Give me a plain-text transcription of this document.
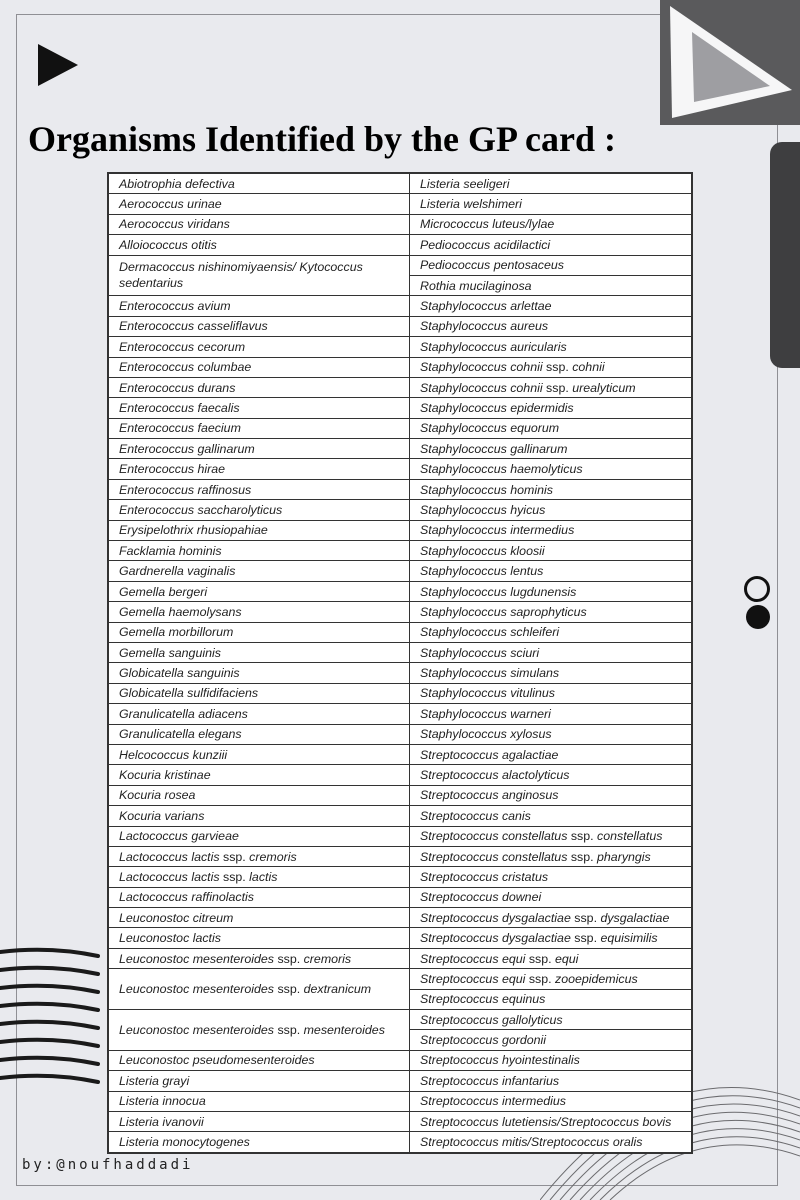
Organisms Identified by the GP card :
Abiotrophia defectiva	Listeria seeligeri
Aerococcus urinae	Listeria welshimeri
Aerococcus viridans	Micrococcus luteus/lylae
Alloiococcus otitis	Pediococcus acidilactici
Dermacoccus nishinomiyaensis/ Kytococcus sedentarius	Pediococcus pentosaceus
	Rothia mucilaginosa
Enterococcus avium	Staphylococcus arlettae
Enterococcus casseliflavus	Staphylococcus aureus
Enterococcus cecorum	Staphylococcus auricularis
Enterococcus columbae	Staphylococcus cohnii ssp. cohnii
Enterococcus durans	Staphylococcus cohnii ssp. urealyticum
Enterococcus faecalis	Staphylococcus epidermidis
Enterococcus faecium	Staphylococcus equorum
Enterococcus gallinarum	Staphylococcus gallinarum
Enterococcus hirae	Staphylococcus haemolyticus
Enterococcus raffinosus	Staphylococcus hominis
Enterococcus saccharolyticus	Staphylococcus hyicus
Erysipelothrix rhusiopahiae	Staphylococcus intermedius
Facklamia hominis	Staphylococcus kloosii
Gardnerella vaginalis	Staphylococcus lentus
Gemella bergeri	Staphylococcus lugdunensis
Gemella haemolysans	Staphylococcus saprophyticus
Gemella morbillorum	Staphylococcus schleiferi
Gemella sanguinis	Staphylococcus sciuri
Globicatella sanguinis	Staphylococcus simulans
Globicatella sulfidifaciens	Staphylococcus vitulinus
Granulicatella adiacens	Staphylococcus warneri
Granulicatella elegans	Staphylococcus xylosus
Helcococcus kunziii	Streptococcus agalactiae
Kocuria kristinae	Streptococcus alactolyticus
Kocuria rosea	Streptococcus anginosus
Kocuria varians	Streptococcus canis
Lactococcus garvieae	Streptococcus constellatus ssp. constellatus
Lactococcus lactis ssp. cremoris	Streptococcus constellatus ssp. pharyngis
Lactococcus lactis ssp. lactis	Streptococcus cristatus
Lactococcus raffinolactis	Streptococcus downei
Leuconostoc citreum	Streptococcus dysgalactiae ssp. dysgalactiae
Leuconostoc lactis	Streptococcus dysgalactiae ssp. equisimilis
Leuconostoc mesenteroides ssp. cremoris	Streptococcus equi ssp. equi
Leuconostoc mesenteroides ssp. dextranicum	Streptococcus equi ssp. zooepidemicus
	Streptococcus equinus
Leuconostoc mesenteroides ssp. mesenteroides	Streptococcus gallolyticus
	Streptococcus gordonii
Leuconostoc pseudomesenteroides	Streptococcus hyointestinalis
Listeria grayi	Streptococcus infantarius
Listeria innocua	Streptococcus intermedius
Listeria ivanovii	Streptococcus lutetiensis/Streptococcus bovis
Listeria monocytogenes	Streptococcus mitis/Streptococcus oralis
by:@noufhaddadi
